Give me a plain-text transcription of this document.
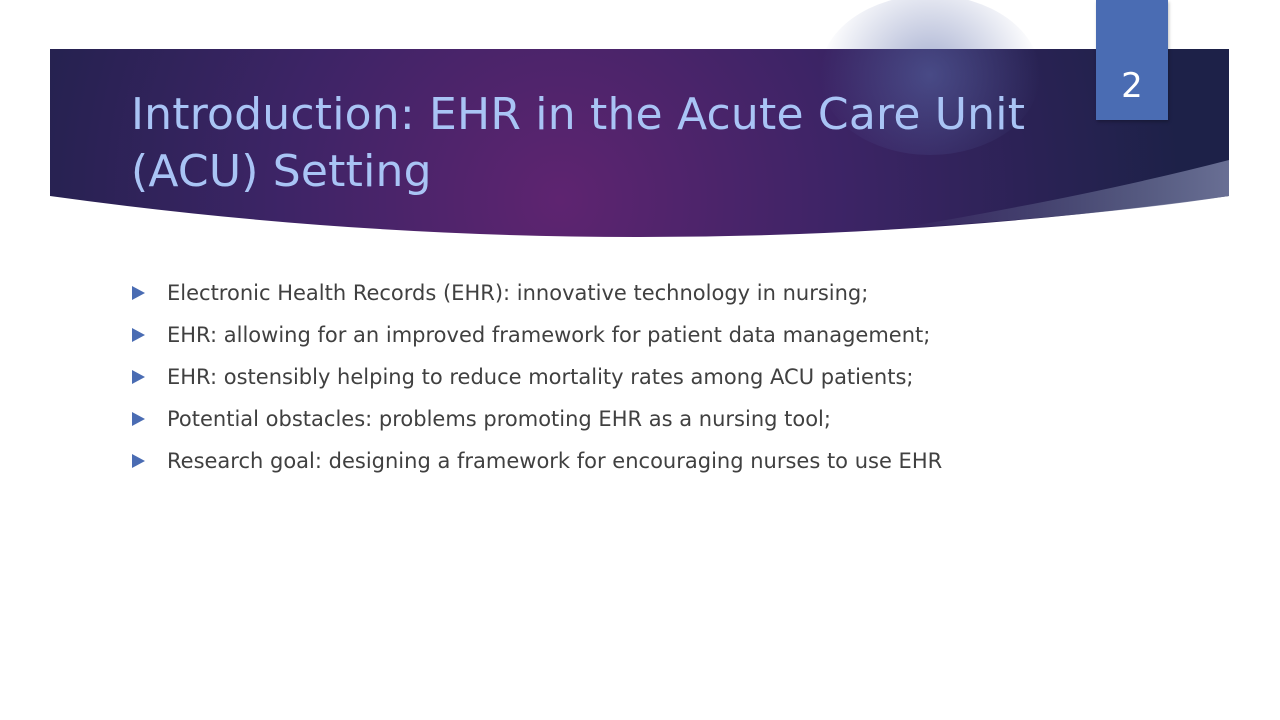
2
Introduction: EHR in the Acute Care Unit (ACU) Setting
Electronic Health Records (EHR): innovative technology in nursing;
EHR: allowing for an improved framework for patient data management;
EHR: ostensibly helping to reduce mortality rates among ACU patients;
Potential obstacles: problems promoting EHR as a nursing tool;
Research goal: designing a framework for encouraging nurses to use EHR
